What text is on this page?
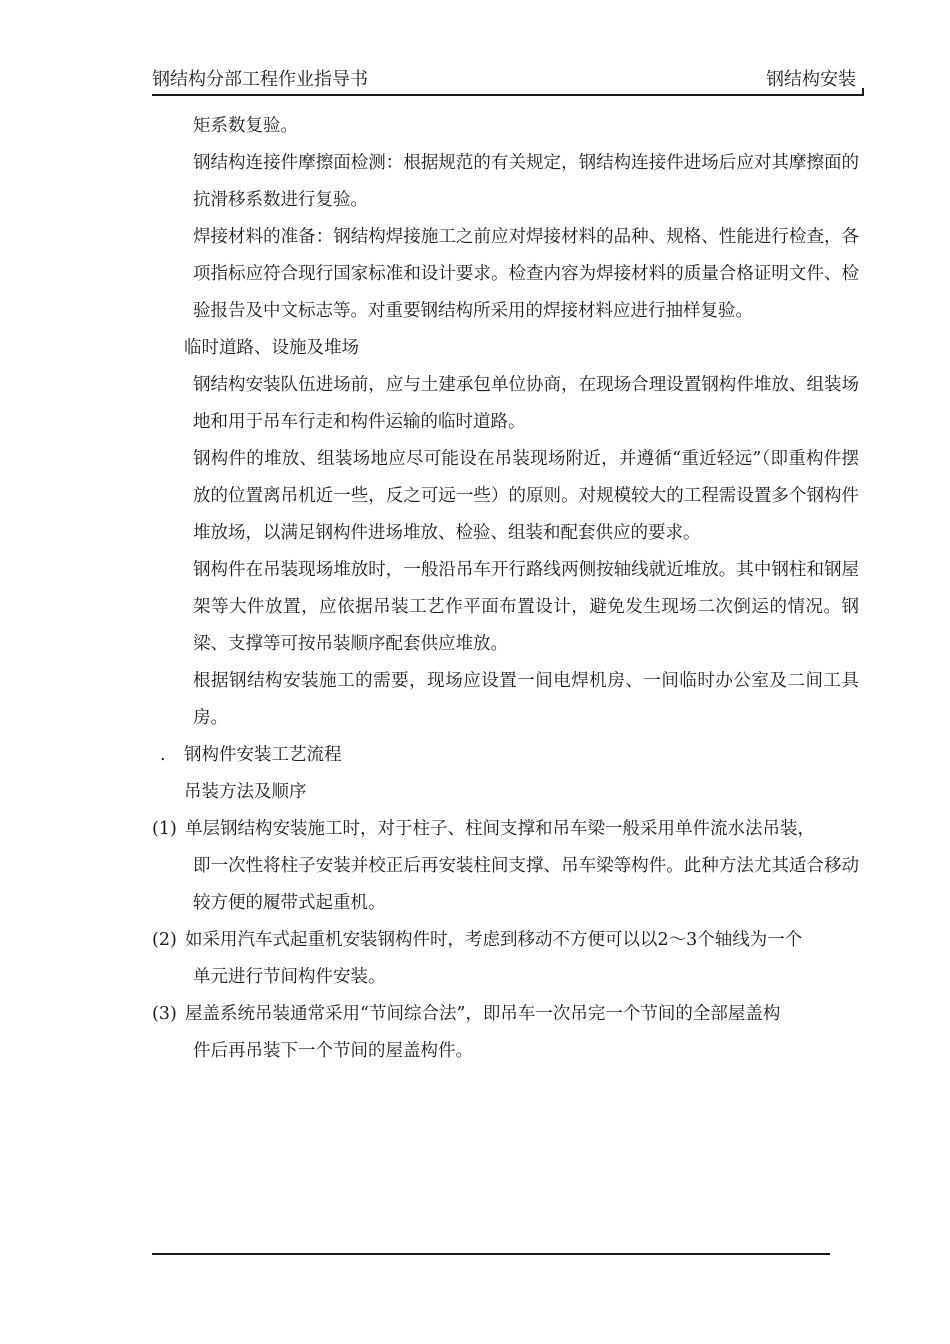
钢结构分部工程作业指导书	钢结构安装

矩系数复验。

钢结构连接件摩擦面检测：根据规范的有关规定，钢结构连接件进场后应对其摩擦面的抗滑移系数进行复验。

焊接材料的准备：钢结构焊接施工之前应对焊接材料的品种、规格、性能进行检查，各项指标应符合现行国家标准和设计要求。检查内容为焊接材料的质量合格证明文件、检验报告及中文标志等。对重要钢结构所采用的焊接材料应进行抽样复验。

临时道路、设施及堆场

钢结构安装队伍进场前，应与土建承包单位协商，在现场合理设置钢构件堆放、组装场地和用于吊车行走和构件运输的临时道路。

钢构件的堆放、组装场地应尽可能设在吊装现场附近，并遵循“重近轻远”（即重构件摆放的位置离吊机近一些，反之可远一些）的原则。对规模较大的工程需设置多个钢构件堆放场，以满足钢构件进场堆放、检验、组装和配套供应的要求。

钢构件在吊装现场堆放时，一般沿吊车开行路线两侧按轴线就近堆放。其中钢柱和钢屋架等大件放置，应依据吊装工艺作平面布置设计，避免发生现场二次倒运的情况。钢梁、支撑等可按吊装顺序配套供应堆放。

根据钢结构安装施工的需要，现场应设置一间电焊机房、一间临时办公室及二间工具房。

. 钢构件安装工艺流程

吊装方法及顺序

(1) 单层钢结构安装施工时，对于柱子、柱间支撑和吊车梁一般采用单件流水法吊装，
即一次性将柱子安装并校正后再安装柱间支撑、吊车梁等构件。此种方法尤其适合移动较方便的履带式起重机。
(2) 如采用汽车式起重机安装钢构件时，考虑到移动不方便可以以2～3个轴线为一个
单元进行节间构件安装。
(3) 屋盖系统吊装通常采用“节间综合法”，即吊车一次吊完一个节间的全部屋盖构
件后再吊装下一个节间的屋盖构件。
